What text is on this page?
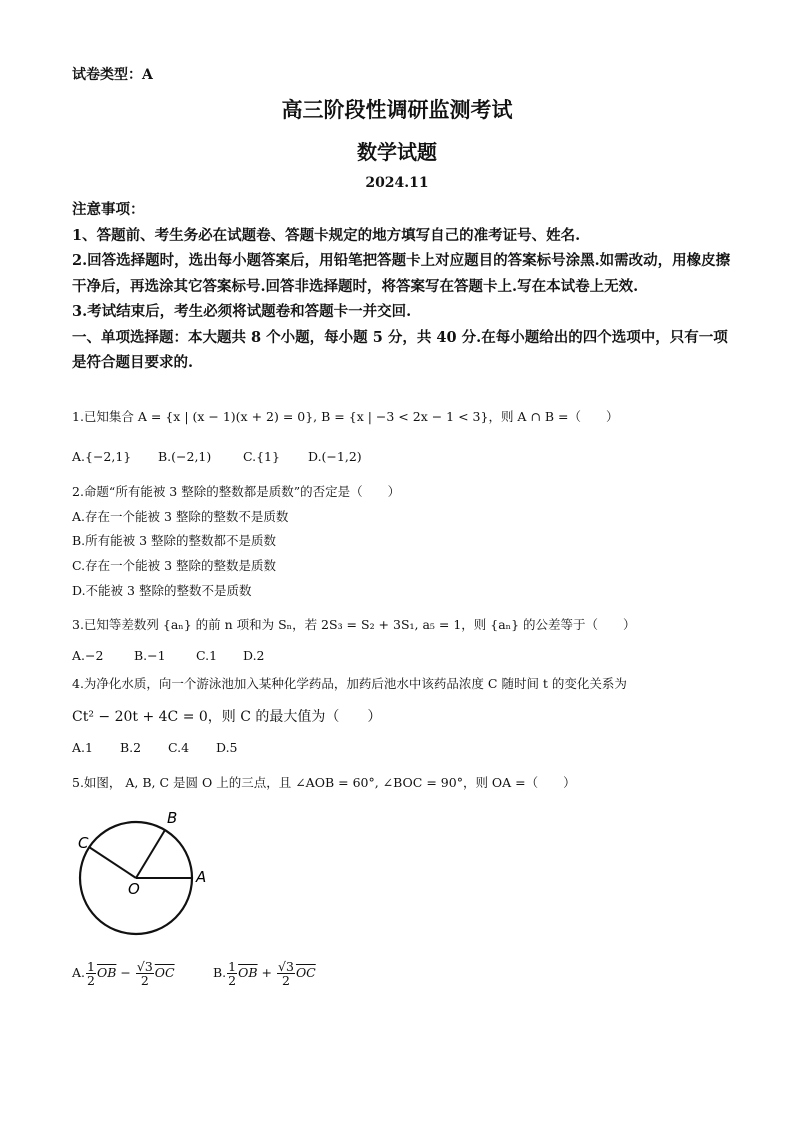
试卷类型：A
高三阶段性调研监测考试
数学试题
2024.11

注意事项：

1、答题前、考生务必在试题卷、答题卡规定的地方填写自己的准考证号、姓名.

2.回答选择题时，选出每小题答案后，用铅笔把答题卡上对应题目的答案标号涂黑.如需改动，用橡皮擦干净后，再选涂其它答案标号.回答非选择题时，将答案写在答题卡上.写在本试卷上无效.

3.考试结束后，考生必须将试题卷和答题卡一并交回.

一、单项选择题：本大题共 8 个小题，每小题 5 分，共 40 分.在每小题给出的四个选项中，只有一项是符合题目要求的.

1.已知集合 A = {x | (x − 1)(x + 2) = 0}, B = {x | −3 < 2x − 1 < 3}，则 A ∩ B =（　　）
A.{−2,1} B.(−2,1)	C.{1} D.(−1,2)
2.命题“所有能被 3 整除的整数都是质数”的否定是（　　）
A.存在一个能被 3 整除的整数不是质数
B.所有能被 3 整除的整数都不是质数
C.存在一个能被 3 整除的整数是质数
D.不能被 3 整除的整数不是质数
3.已知等差数列 {aₙ} 的前 n 项和为 Sₙ，若 2S₃ = S₂ + 3S₁, a₅ = 1，则 {aₙ} 的公差等于（　　）
A.−2 B.−1 C.1 D.2
4.为净化水质，向一个游泳池加入某种化学药品，加药后池水中该药品浓度 C 随时间 t 的变化关系为
Ct² − 20t + 4C = 0，则 C 的最大值为（　　）
A.1 B.2 C.4 D.5
5.如图， A, B, C 是圆 O 上的三点，且 ∠AOB = 60°, ∠BOC = 90°，则 OA =（　　）
A
B
C
O
A. $\frac{1}{2} \overline{OB} - \frac{√3}{2} \overline{OC}$	B. $\frac{1}{2} \overline{OB} + \frac{√3}{2} \overline{OC}$
